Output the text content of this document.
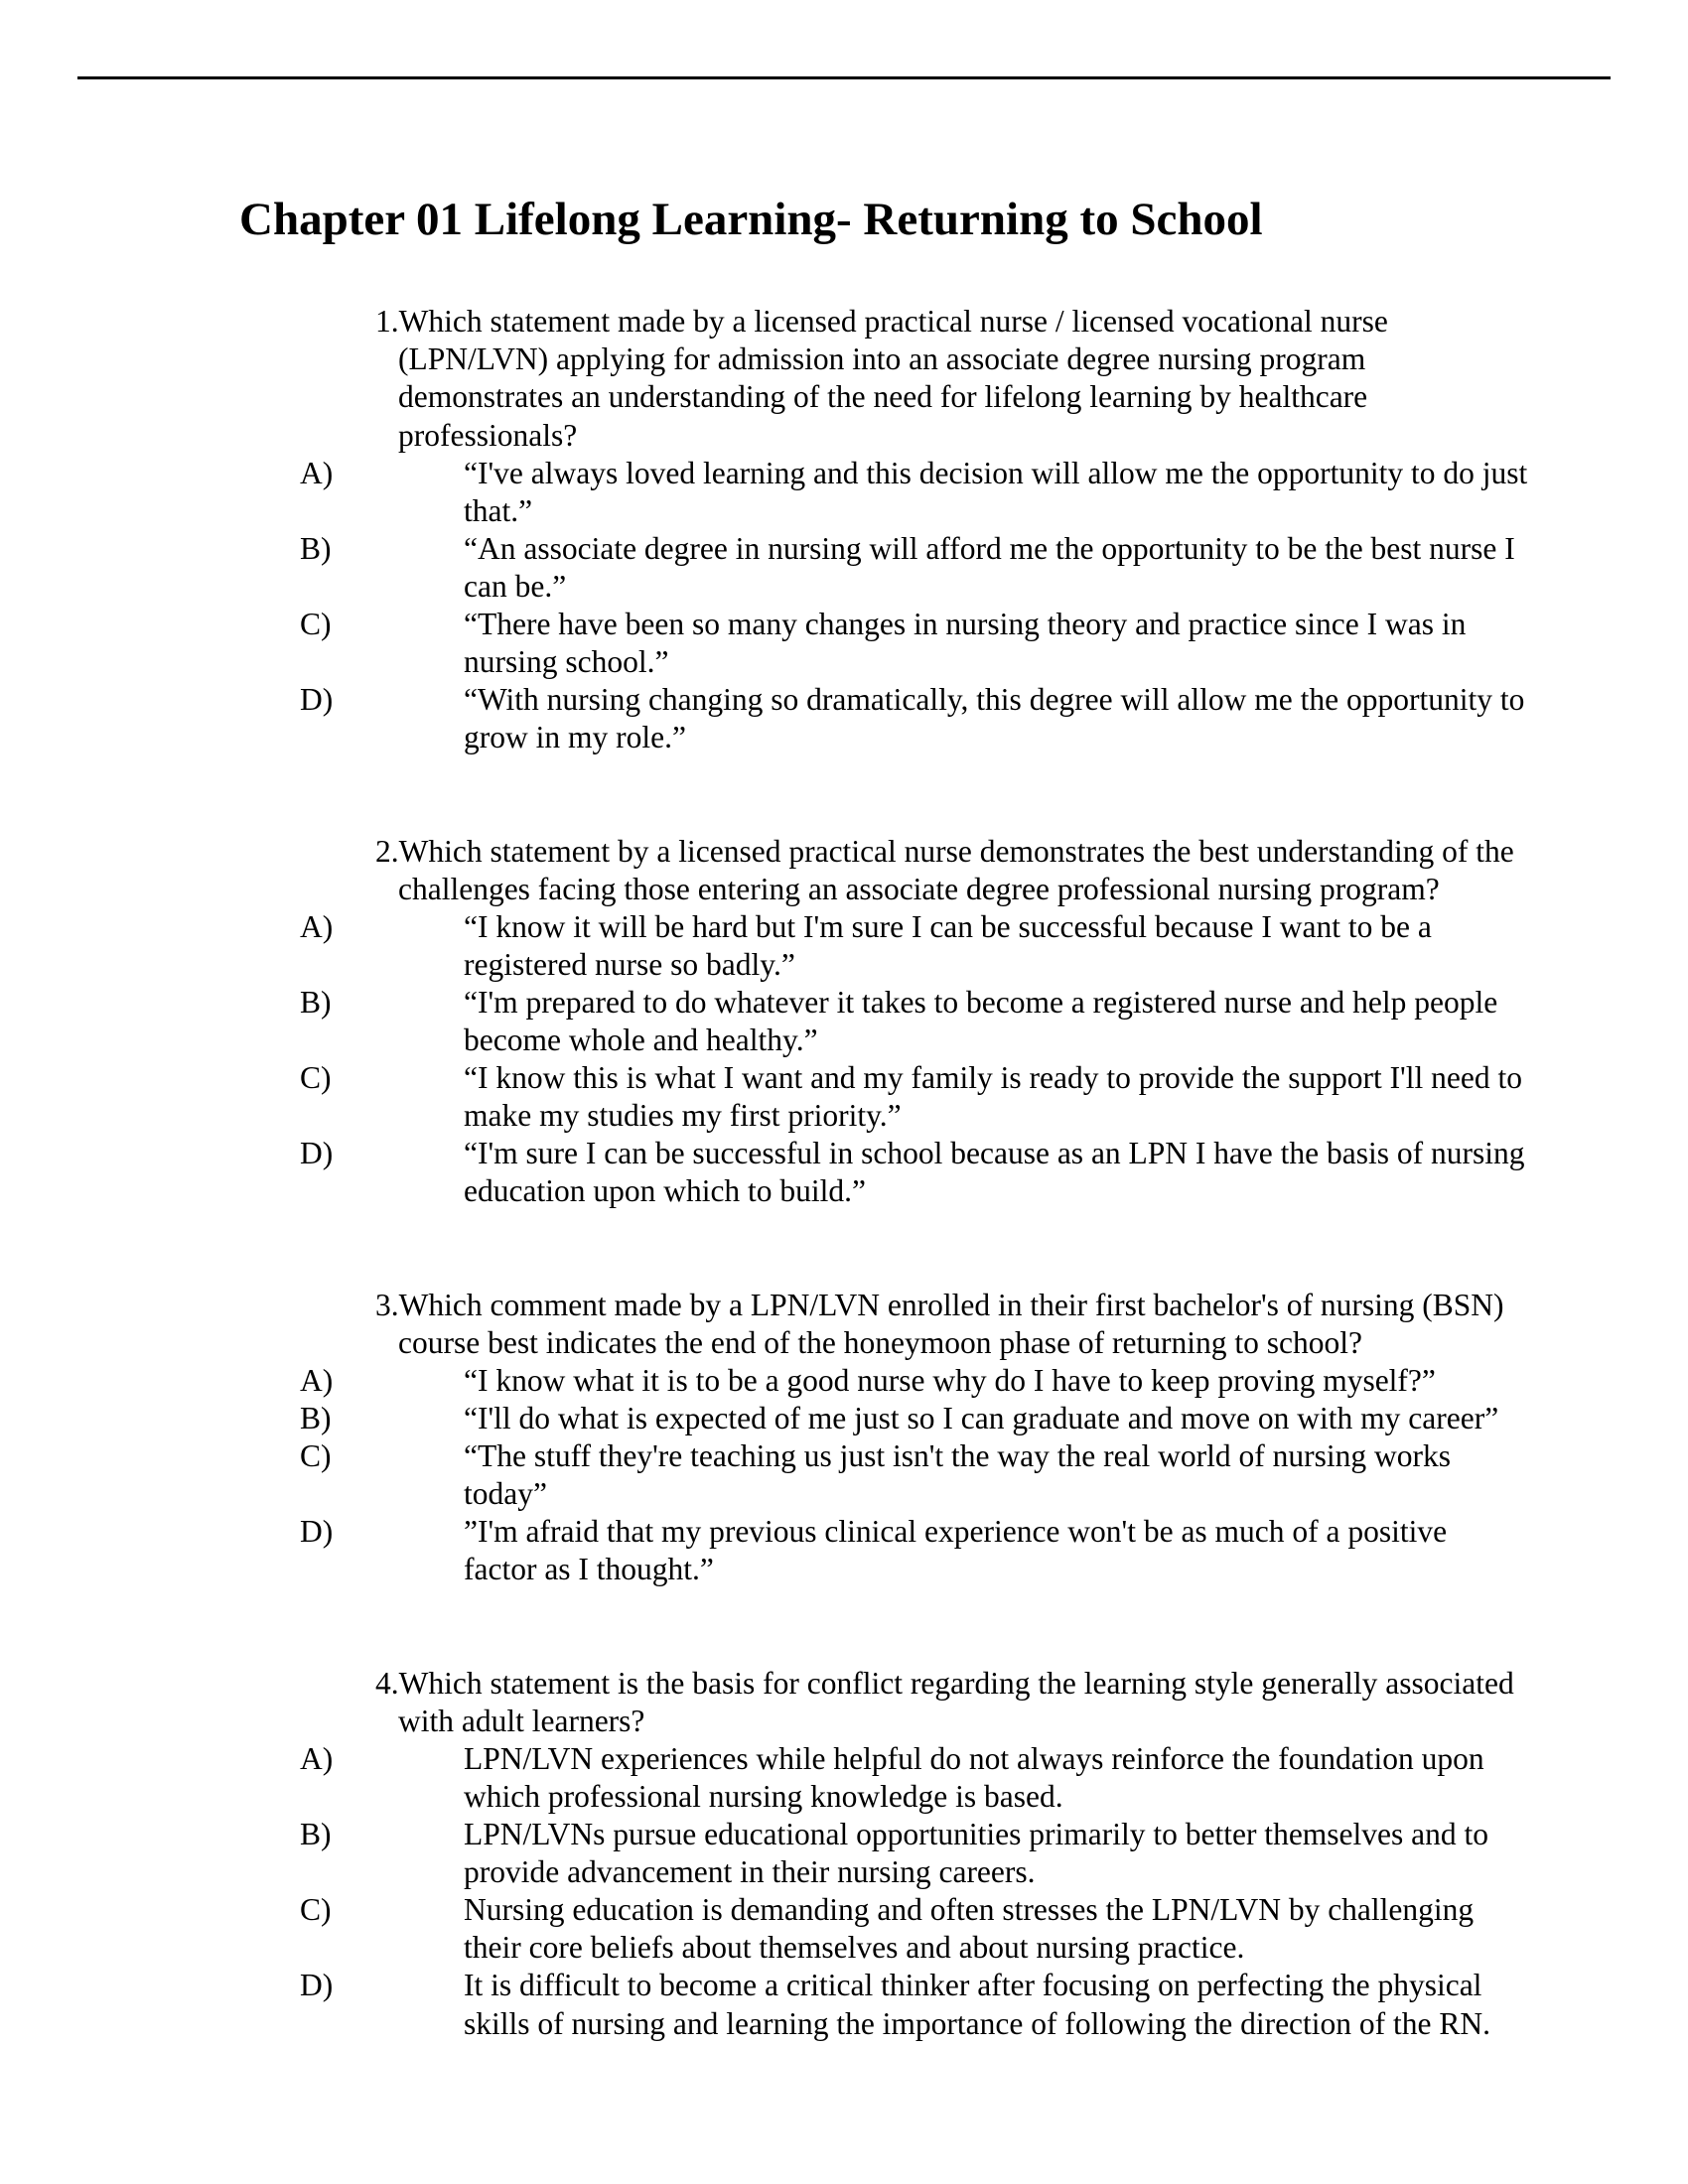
Chapter 01 Lifelong Learning- Returning to School
1.Which statement made by a licensed practical nurse / licensed vocational nurse
(LPN/LVN) applying for admission into an associate degree nursing program
demonstrates an understanding of the need for lifelong learning by healthcare
professionals?
A)	“I've always loved learning and this decision will allow me the opportunity to do just
that.”
B)	“An associate degree in nursing will afford me the opportunity to be the best nurse I
can be.”
C)	“There have been so many changes in nursing theory and practice since I was in
nursing school.”
D)	“With nursing changing so dramatically, this degree will allow me the opportunity to
grow in my role.”
2.Which statement by a licensed practical nurse demonstrates the best understanding of the
challenges facing those entering an associate degree professional nursing program?
A)	“I know it will be hard but I'm sure I can be successful because I want to be a
registered nurse so badly.”
B)	“I'm prepared to do whatever it takes to become a registered nurse and help people
become whole and healthy.”
C)	“I know this is what I want and my family is ready to provide the support I'll need to
make my studies my first priority.”
D)	“I'm sure I can be successful in school because as an LPN I have the basis of nursing
education upon which to build.”
3.Which comment made by a LPN/LVN enrolled in their first bachelor's of nursing (BSN)
course best indicates the end of the honeymoon phase of returning to school?
A)	“I know what it is to be a good nurse why do I have to keep proving myself?”
B)	“I'll do what is expected of me just so I can graduate and move on with my career”
C)	“The stuff they're teaching us just isn't the way the real world of nursing works
today”
D)	”I'm afraid that my previous clinical experience won't be as much of a positive
factor as I thought.”
4.Which statement is the basis for conflict regarding the learning style generally associated
with adult learners?
A)	LPN/LVN experiences while helpful do not always reinforce the foundation upon
which professional nursing knowledge is based.
B)	LPN/LVNs pursue educational opportunities primarily to better themselves and to
provide advancement in their nursing careers.
C)	Nursing education is demanding and often stresses the LPN/LVN by challenging
their core beliefs about themselves and about nursing practice.
D)	It is difficult to become a critical thinker after focusing on perfecting the physical
skills of nursing and learning the importance of following the direction of the RN.
